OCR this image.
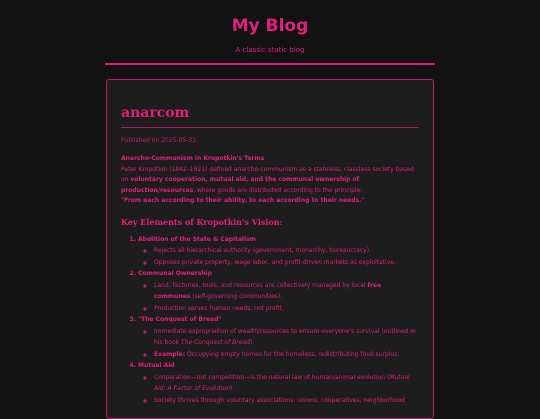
My Blog
A classic static blog
anarcom
Published on 2025-05-31
Anarcho-Communism in Kropotkin's Terms
Peter Kropotkin (1842–1921) defined anarcho-communism as a stateless, classless society based on voluntary cooperation, mutual aid, and the communal ownership of production/resources, where goods are distributed according to the principle:
"From each according to their ability, to each according to their needs."
Key Elements of Kropotkin's Vision:
1. Abolition of the State & Capitalism
◦ Rejects all hierarchical authority (government, monarchy, bureaucracy).
◦ Opposes private property, wage labor, and profit-driven markets as exploitative.
2. Communal Ownership
◦ Land, factories, tools, and resources are collectively managed by local free communes (self-governing communities).
◦ Production serves human needs, not profit.
3. "The Conquest of Bread"
◦ Immediate expropriation of wealth/resources to ensure everyone's survival (outlined in his book The Conquest of Bread).
◦ Example: Occupying empty homes for the homeless, redistributing food surplus.
4. Mutual Aid
◦ Cooperation—not competition—is the natural law of human/animal evolution (Mutual Aid: A Factor of Evolution).
◦ Society thrives through voluntary associations: unions, cooperatives, neighborhood
